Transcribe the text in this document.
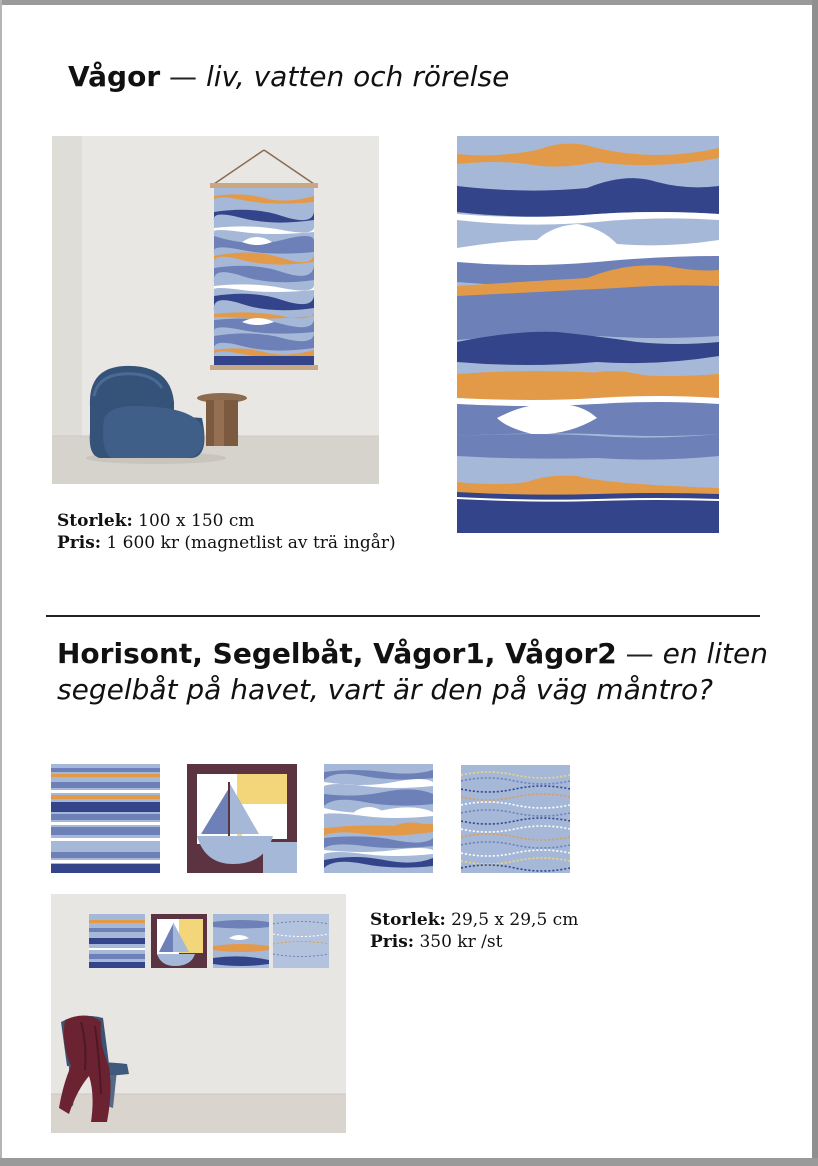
Vågor — liv, vatten och rörelse
Storlek: 100 x 150 cm
Pris: 1 600 kr (magnetlist av trä ingår)
Horisont, Segelbåt, Vågor1, Vågor2 — en liten segelbåt på havet, vart är den på väg måntro?
Storlek: 29,5 x 29,5 cm
Pris: 350 kr /st
